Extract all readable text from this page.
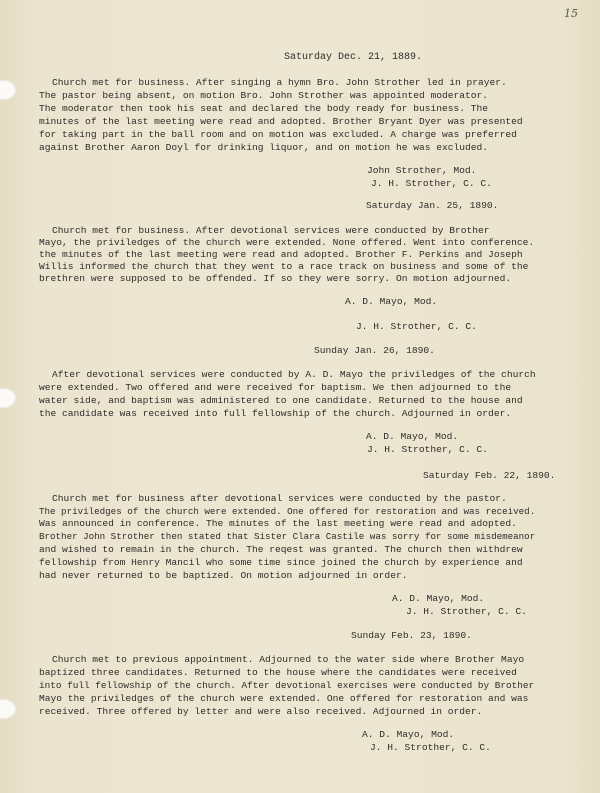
15
Saturday Dec. 21, 1889.
Church met for business. After singing a hymn Bro. John Strother led in prayer.
The pastor being absent, on motion Bro. John Strother was appointed moderator.
The moderator then took his seat and declared the body ready for business. The
minutes of the last meeting were read and adopted. Brother Bryant Dyer was presented
for taking part in the ball room and on motion was excluded. A charge was preferred
against Brother Aaron Doyl for drinking liquor, and on motion he was excluded.
John Strother, Mod.
J. H. Strother, C. C.
Saturday Jan. 25, 1890.
Church met for business. After devotional services were conducted by Brother
Mayo, the priviledges of the church were extended. None offered. Went into conference.
the minutes of the last meeting were read and adopted. Brother F. Perkins and Joseph
Willis informed the church that they went to a race track on business and some of the
brethren were supposed to be offended. If so they were sorry. On motion adjourned.
A. D. Mayo, Mod.
J. H. Strother, C. C.
Sunday Jan. 26, 1890.
After devotional services were conducted by A. D. Mayo the priviledges of the church
were extended. Two offered and were received for baptism. We then adjourned to the
water side, and baptism was administered to one candidate. Returned to the house and
the candidate was received into full fellowship of the church. Adjourned in order.
A. D. Mayo, Mod.
J. H. Strother, C. C.
Saturday Feb. 22, 1890.
Church met for business after devotional services were conducted by the pastor.
The priviledges of the church were extended. One offered for restoration and was received.
Was announced in conference. The minutes of the last meeting were read and adopted.
Brother John Strother then stated that Sister Clara Castile was sorry for some misdemeanor
and wished to remain in the church. The reqest was granted. The church then withdrew
fellowship from Henry Mancil who some time since joined the church by experience and
had never returned to be baptized. On motion adjourned in order.
A. D. Mayo, Mod.
J. H. Strother, C. C.
Sunday Feb. 23, 1890.
Church met to previous appointment. Adjourned to the water side where Brother Mayo
baptized three candidates. Returned to the house where the candidates were received
into full fellowship of the church. After devotional exercises were conducted by Brother
Mayo the priviledges of the church were extended. One offered for restoration and was
received. Three offered by letter and were also received. Adjourned in order.
A. D. Mayo, Mod.
J. H. Strother, C. C.
